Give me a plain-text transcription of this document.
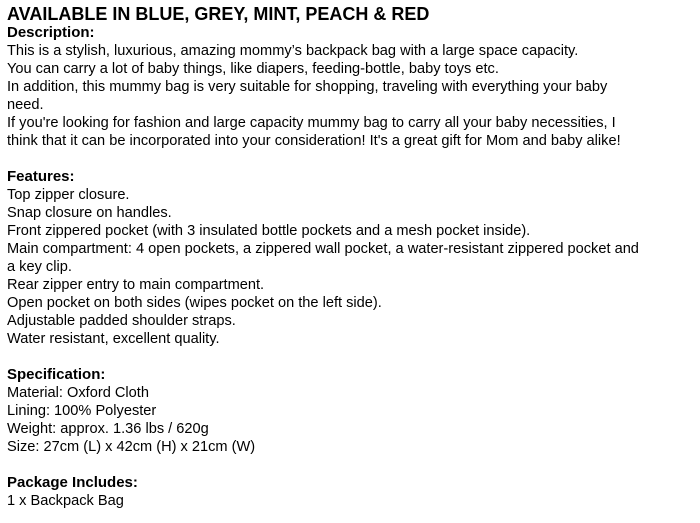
AVAILABLE IN BLUE, GREY, MINT, PEACH & RED
Description:
This is a stylish, luxurious, amazing mommy’s backpack bag with a large space capacity.
You can carry a lot of baby things, like diapers, feeding-bottle, baby toys etc.
In addition, this mummy bag is very suitable for shopping, traveling with everything your baby
need.
If you're looking for fashion and large capacity mummy bag to carry all your baby necessities, I
think that it can be incorporated into your consideration! It's a great gift for Mom and baby alike!
Features:
Top zipper closure.
Snap closure on handles.
Front zippered pocket (with 3 insulated bottle pockets and a mesh pocket inside).
Main compartment: 4 open pockets, a zippered wall pocket, a water-resistant zippered pocket and
a key clip.
Rear zipper entry to main compartment.
Open pocket on both sides (wipes pocket on the left side).
Adjustable padded shoulder straps.
Water resistant, excellent quality.
Specification:
Material: Oxford Cloth
Lining: 100% Polyester
Weight: approx. 1.36 lbs / 620g
Size: 27cm (L) x 42cm (H) x 21cm (W)
Package Includes:
1 x Backpack Bag
